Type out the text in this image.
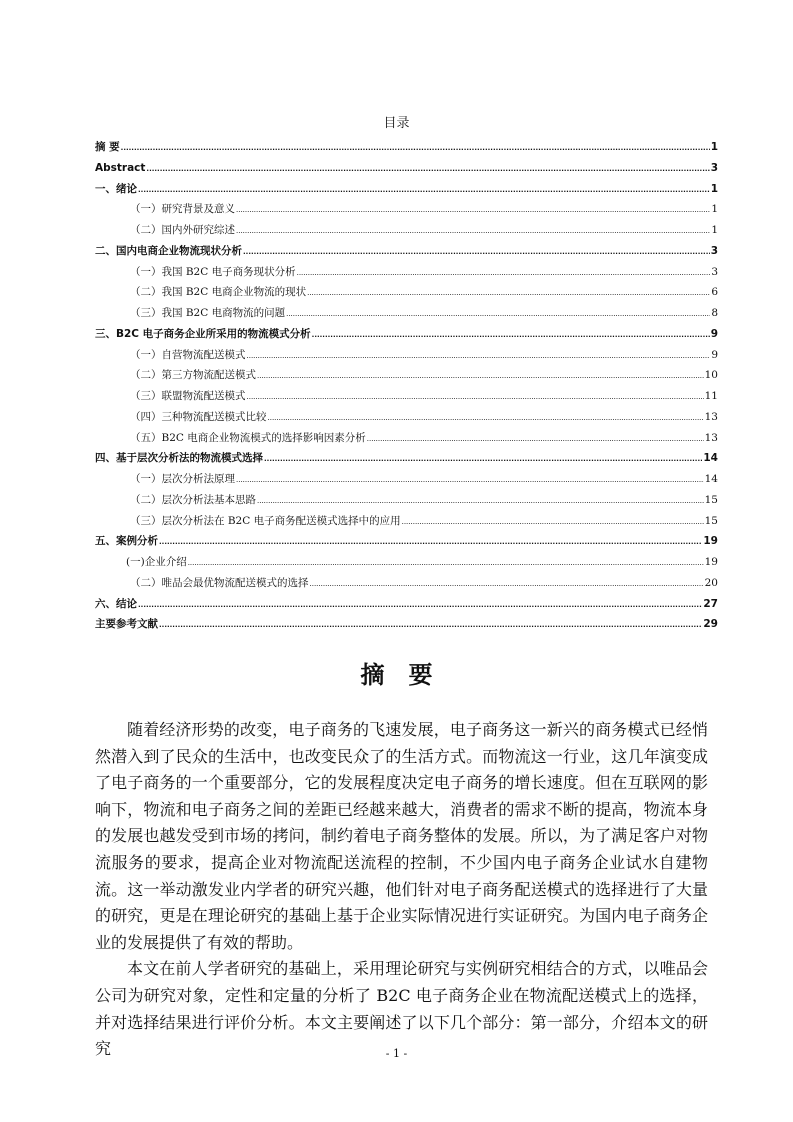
目录
摘 要 .....	1
Abstract .....	3
一、绪论 .....	1
（一）研究背景及意义 .....	1
（二）国内外研究综述 .....	1
二、国内电商企业物流现状分析 .....	3
（一）我国 B2C 电子商务现状分析 .....	3
（二）我国 B2C 电商企业物流的现状 .....	6
（三）我国 B2C 电商物流的问题 .....	8
三、B2C 电子商务企业所采用的物流模式分析 .....	9
（一）自营物流配送模式 .....	9
（二）第三方物流配送模式 .....	10
（三）联盟物流配送模式 .....	11
（四）三种物流配送模式比较 .....	13
（五）B2C 电商企业物流模式的选择影响因素分析 .....	13
四、基于层次分析法的物流模式选择 .....	14
（一）层次分析法原理 .....	14
（二）层次分析法基本思路 .....	15
（三）层次分析法在 B2C 电子商务配送模式选择中的应用 .....	15
五、案例分析 .....	19
(一)企业介绍 .....	19
（二）唯品会最优物流配送模式的选择 .....	20
六、结论 .....	27
主要参考文献 .....	29
摘要

随着经济形势的改变，电子商务的飞速发展，电子商务这一新兴的商务模式已经悄然潜入到了民众的生活中，也改变民众了的生活方式。而物流这一行业，这几年演变成了电子商务的一个重要部分，它的发展程度决定电子商务的增长速度。但在互联网的影响下，物流和电子商务之间的差距已经越来越大，消费者的需求不断的提高，物流本身的发展也越发受到市场的拷问，制约着电子商务整体的发展。所以，为了满足客户对物流服务的要求，提高企业对物流配送流程的控制，不少国内电子商务企业试水自建物流。这一举动激发业内学者的研究兴趣，他们针对电子商务配送模式的选择进行了大量的研究，更是在理论研究的基础上基于企业实际情况进行实证研究。为国内电子商务企业的发展提供了有效的帮助。

本文在前人学者研究的基础上，采用理论研究与实例研究相结合的方式，以唯品会公司为研究对象，定性和定量的分析了 B2C 电子商务企业在物流配送模式上的选择，并对选择结果进行评价分析。本文主要阐述了以下几个部分：第一部分，介绍本文的研究	- 1 -
